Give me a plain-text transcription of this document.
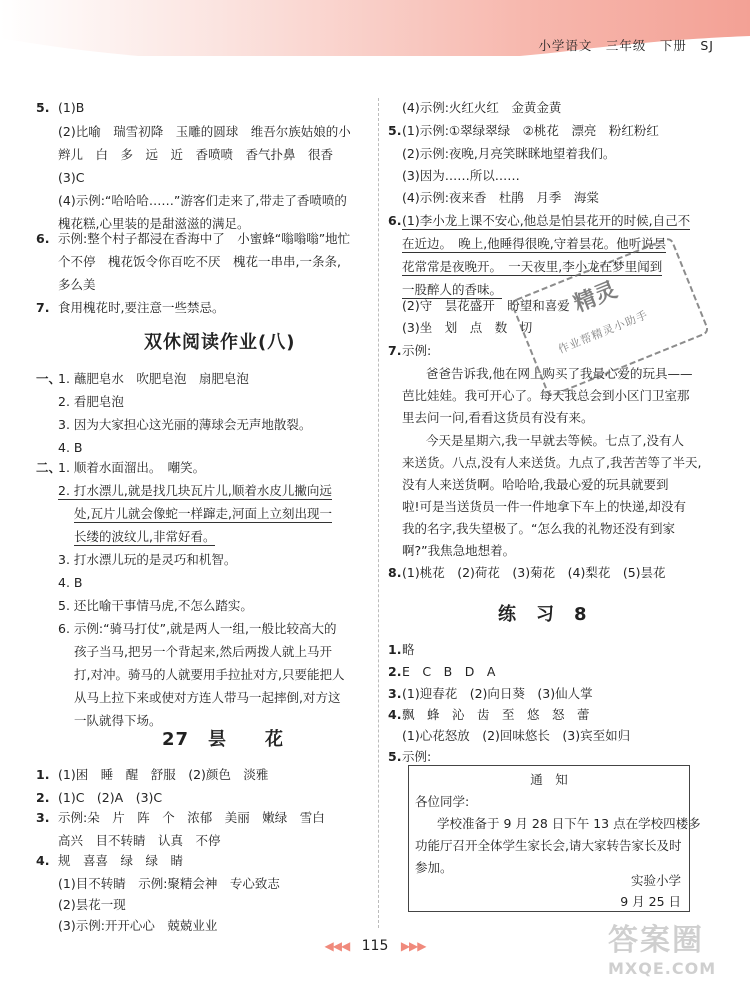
小学语文　三年级　下册　SJ
5. (1)B
(2)比喻　瑞雪初降　玉雕的圆球　维吾尔族姑娘的小
辫儿　白　多　远　近　香喷喷　香气扑鼻　很香
(3)C
(4)示例:“哈哈哈……”游客们走来了,带走了香喷喷的
槐花糕,心里装的是甜滋滋的满足。
6. 示例:整个村子都浸在香海中了　小蜜蜂“嗡嗡嗡”地忙
个不停　槐花饭令你百吃不厌　槐花一串串,一条条,
多么美
7. 食用槐花时,要注意一些禁忌。
双休阅读作业(八)
一、
1. 蘸肥皂水　吹肥皂泡　扇肥皂泡
2. 看肥皂泡
3. 因为大家担心这光丽的薄球会无声地散裂。
4. B
二、
1. 顺着水面溜出。　嘲笑。
2. 打水漂儿,就是找几块瓦片儿,顺着水皮儿撇向远
处,瓦片儿就会像蛇一样蹿走,河面上立刻出现一
长缕的波纹儿,非常好看。
3. 打水漂儿玩的是灵巧和机智。
4. B
5. 还比喻干事情马虎,不怎么踏实。
6. 示例:“骑马打仗”,就是两人一组,一般比较高大的
孩子当马,把另一个背起来,然后两拨人就上马开
打,对冲。骑马的人就要用手拉扯对方,只要能把人
从马上拉下来或使对方连人带马一起摔倒,对方这
一队就得下场。
27　昙　　花
1. (1)困　睡　醒　舒服　(2)颜色　淡雅
2. (1)C　(2)A　(3)C
3. 示例:朵　片　阵　个　浓郁　美丽　嫩绿　雪白
高兴　目不转睛　认真　不停
4. 规　喜喜　绿　绿　睛
(1)目不转睛　示例:聚精会神　专心致志
(2)昙花一现
(3)示例:开开心心　兢兢业业
(4)示例:火红火红　金黄金黄
5. (1)示例:①翠绿翠绿　②桃花　漂亮　粉红粉红
(2)示例:夜晚,月亮笑眯眯地望着我们。
(3)因为……所以……
(4)示例:夜来香　杜鹃　月季　海棠
6. (1)李小龙上课不安心,他总是怕昙花开的时候,自己不
在近边。　晚上,他睡得很晚,守着昙花。他听说昙
花常常是夜晚开。　一天夜里,李小龙在梦里闻到
一股醉人的香味。
(2)守　昙花盛开　盼望和喜爱
(3)坐　划　点　数　切
7. 示例:
爸爸告诉我,他在网上购买了我最心爱的玩具——
芭比娃娃。我可开心了。每天我总会到小区门卫室那
里去问一问,看看这货员有没有来。
今天是星期六,我一早就去等候。七点了,没有人
来送货。八点,没有人来送货。九点了,我苦苦等了半天,
没有人来送货啊。哈哈哈,我最心爱的玩具就要到
啦!可是当送货员一件一件地拿下车上的快递,却没有
我的名字,我失望极了。“怎么我的礼物还没有到家
啊?”我焦急地想着。
8. (1)桃花　(2)荷花　(3)菊花　(4)梨花　(5)昙花
练　习　8
1. 略
2. E　C　B　D　A
3. (1)迎春花　(2)向日葵　(3)仙人掌
4. 飘　蜂　沁　齿　至　悠　怒　蕾
(1)心花怒放　(2)回味悠长　(3)宾至如归
5. 示例:
通　知
各位同学:
学校准备于 9 月 28 日下午 13 点在学校四楼多
功能厅召开全体学生家长会,请大家转告家长及时
参加。
实验小学
9 月 25 日
精灵
作业帮精灵小助手
◀◀◀ 115 ▶▶▶	答案圈
MXQE.COM
